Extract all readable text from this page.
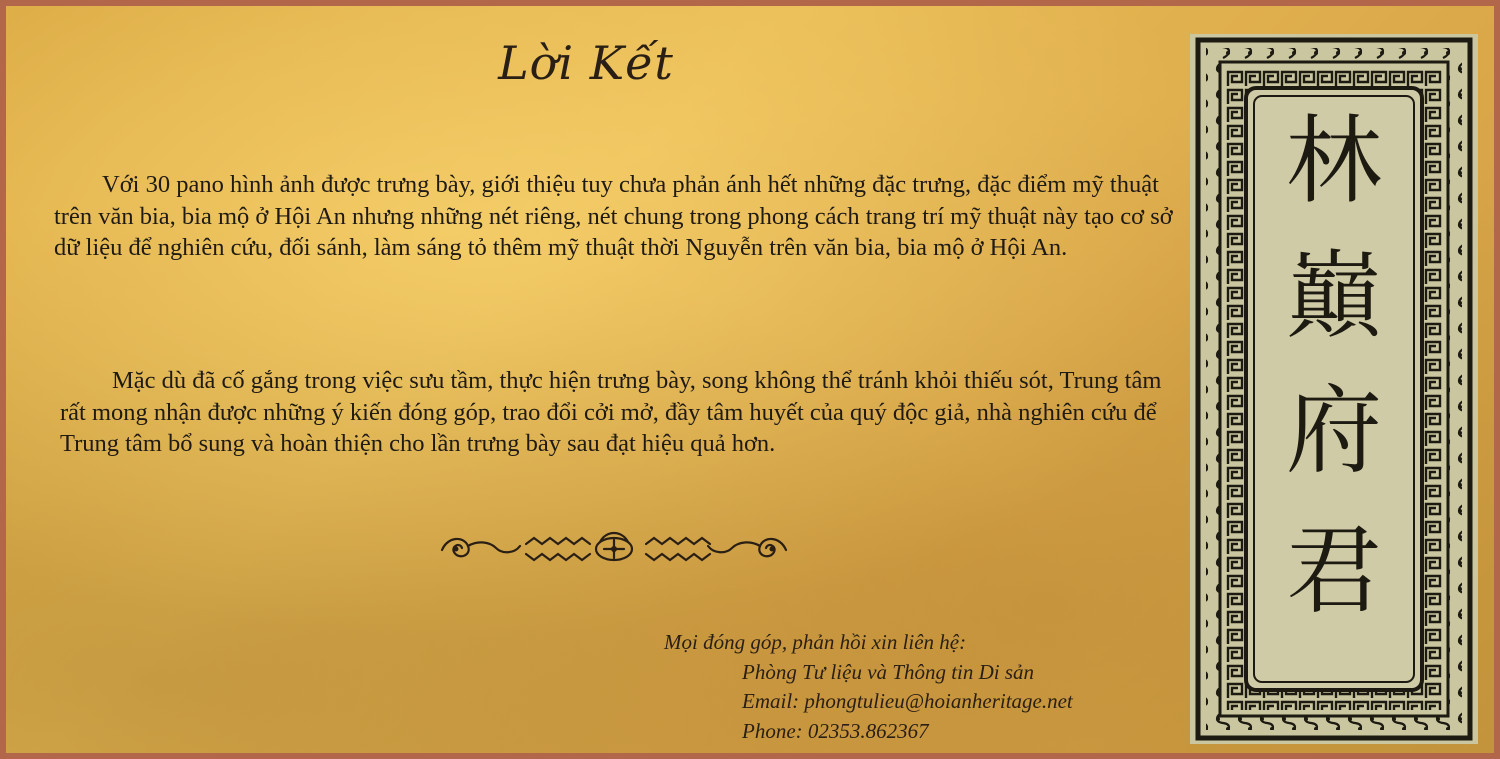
Lời Kết

Với 30 pano hình ảnh được trưng bày, giới thiệu tuy chưa phản ánh hết những đặc trưng, đặc điểm mỹ thuật trên văn bia, bia mộ ở Hội An nhưng những nét riêng, nét chung trong phong cách trang trí mỹ thuật này tạo cơ sở dữ liệu để nghiên cứu, đối sánh, làm sáng tỏ thêm mỹ thuật thời Nguyễn trên văn bia, bia mộ ở Hội An.

Mặc dù đã cố gắng trong việc sưu tầm, thực hiện trưng bày, song không thể tránh khỏi thiếu sót, Trung tâm rất mong nhận được những ý kiến đóng góp, trao đổi cởi mở, đầy tâm huyết của quý độc giả, nhà nghiên cứu để Trung tâm bổ sung và hoàn thiện cho lần trưng bày sau đạt hiệu quả hơn.

Mọi đóng góp, phản hồi xin liên hệ:
Phòng Tư liệu và Thông tin Di sản
Email: phongtulieu@hoianheritage.net
Phone: 02353.862367
林
巔
府
君
